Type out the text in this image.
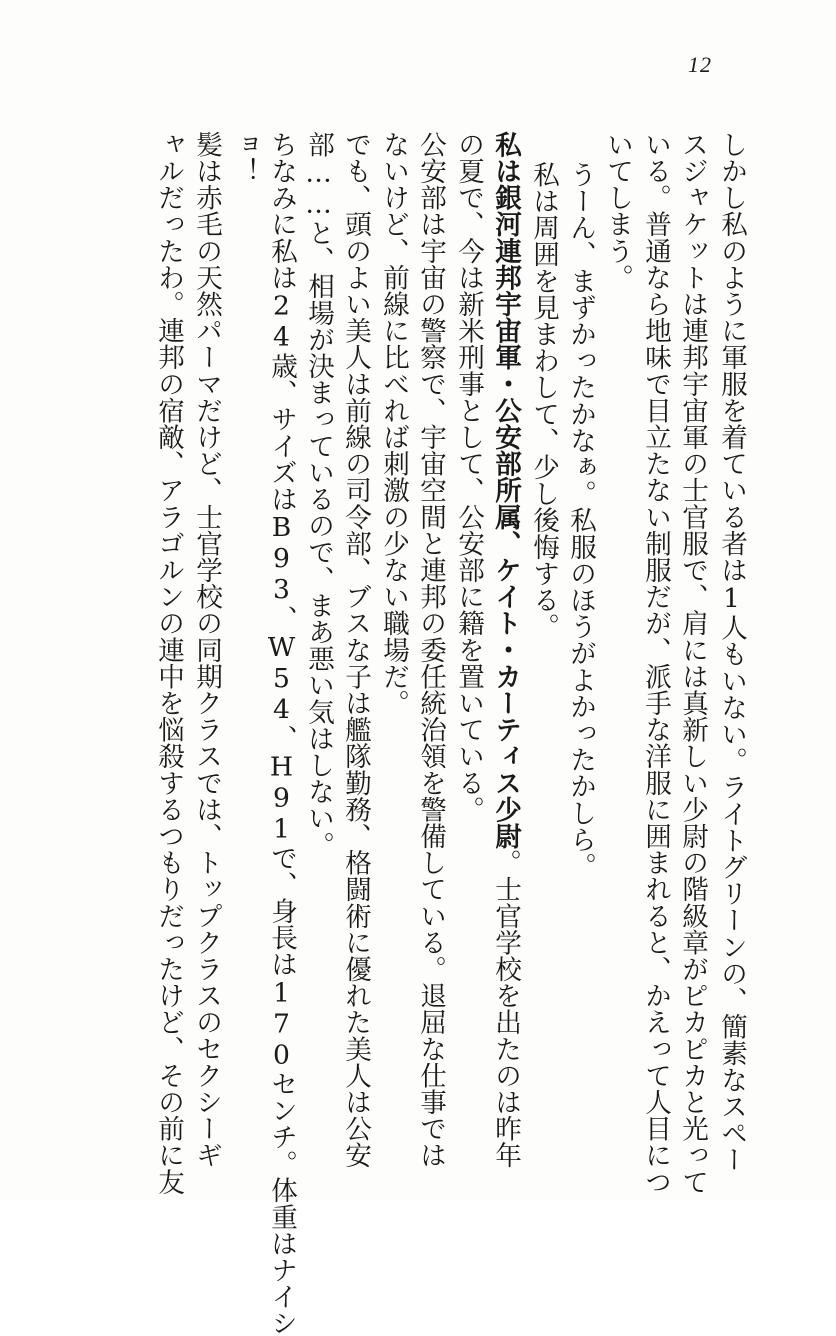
12
しかし私のように軍服を着ている者は1人もいない。ライトグリーンの、簡素なスペー
スジャケットは連邦宇宙軍の士官服で、肩には真新しい少尉の階級章がピカピカと光って
いる。普通なら地味で目立たない制服だが、派手な洋服に囲まれると、かえって人目につ
いてしまう。
うーん、まずかったかなぁ。私服のほうがよかったかしら。
私は周囲を見まわして、少し後悔する。
私は銀河連邦宇宙軍・公安部所属、ケイト・カーティス少尉。士官学校を出たのは昨年
の夏で、今は新米刑事として、公安部に籍を置いている。
公安部は宇宙の警察で、宇宙空間と連邦の委任統治領を警備している。退屈な仕事では
ないけど、前線に比べれば刺激の少ない職場だ。
でも、頭のよい美人は前線の司令部、ブスな子は艦隊勤務、格闘術に優れた美人は公安
部……と、相場が決まっているので、まあ悪い気はしない。
ちなみに私は24歳、サイズはB93、W54、H91で、身長は170センチ。体重はナイシ
ョ！
髪は赤毛の天然パーマだけど、士官学校の同期クラスでは、トップクラスのセクシーギ
ャルだったわ。連邦の宿敵、アラゴルンの連中を悩殺するつもりだったけど、その前に友
